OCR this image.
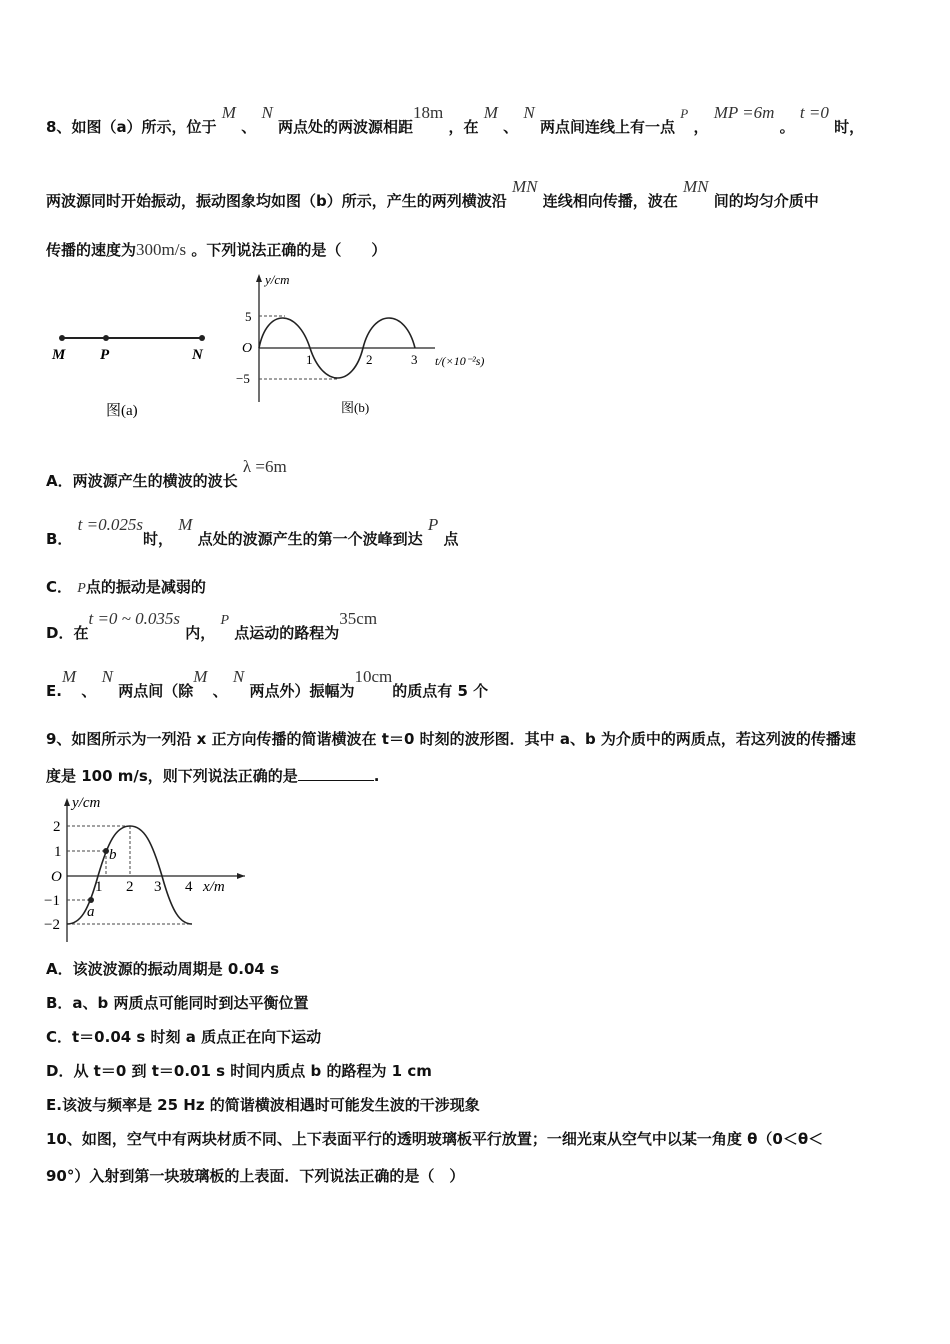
8、如图（a）所示，位于 M 、 N 两点处的两波源相距18m ，在 M 、 N 两点间连线上有一点 P ， MP =6m 。 t =0 时，
两波源同时开始振动，振动图象均如图（b）所示，产生的两列横波沿 MN 连线相向传播，波在 MN 间的均匀介质中
传播的速度为300m/s 。下列说法正确的是（　　）
M P	N
图(a)
y/cm
O
5
−5
1	2	3 t/(×10⁻²s)
图(b)
A．两波源产生的横波的波长 λ =6m
B． t =0.025s时， M 点处的波源产生的第一个波峰到达 P 点
C． P点的振动是减弱的
D．在t =0 ~ 0.035s 内， P 点运动的路程为35cm
E.M 、 N 两点间（除M 、 N 两点外）振幅为10cm的质点有 5 个
9、如图所示为一列沿 x 正方向传播的简谐横波在 t＝0 时刻的波形图．其中 a、b 为介质中的两质点，若这列波的传播速
度是 100 m/s，则下列说法正确的是	.
y/cm
O
2
1
−1
−2
a
b
1 2 3 4 x/m
A．该波波源的振动周期是 0.04 s
B．a、b 两质点可能同时到达平衡位置
C．t＝0.04 s 时刻 a 质点正在向下运动
D．从 t＝0 到 t＝0.01 s 时间内质点 b 的路程为 1 cm
E.该波与频率是 25 Hz 的简谐横波相遇时可能发生波的干涉现象
10、如图，空气中有两块材质不同、上下表面平行的透明玻璃板平行放置；一细光束从空气中以某一角度 θ（0＜θ＜
90°）入射到第一块玻璃板的上表面．下列说法正确的是（　）
